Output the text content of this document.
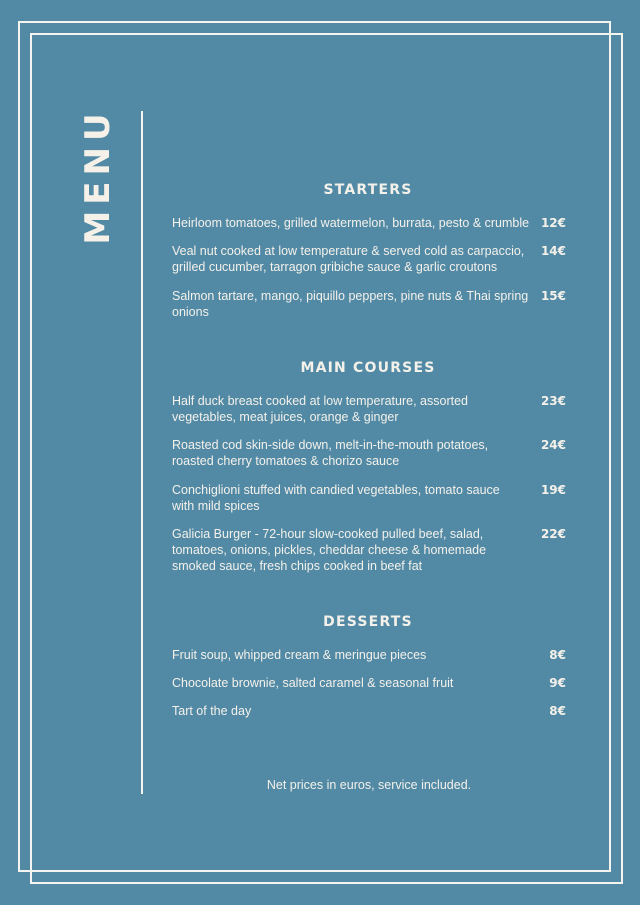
MENU	STARTERS
Heirloom tomatoes, grilled watermelon, burrata, pesto & crumble 12€
Veal nut cooked at low temperature & served cold as carpaccio,
grilled cucumber, tarragon gribiche sauce & garlic croutons
14€
Salmon tartare, mango, piquillo peppers, pine nuts & Thai spring
onions
15€
MAIN COURSES
Half duck breast cooked at low temperature, assorted
vegetables, meat juices, orange & ginger
23€
Roasted cod skin-side down, melt-in-the-mouth potatoes,
roasted cherry tomatoes & chorizo sauce
24€
Conchiglioni stuffed with candied vegetables, tomato sauce
with mild spices
19€
Galicia Burger - 72-hour slow-cooked pulled beef, salad,
tomatoes, onions, pickles, cheddar cheese & homemade
smoked sauce, fresh chips cooked in beef fat
22€
DESSERTS
Fruit soup, whipped cream & meringue pieces	8€
Chocolate brownie, salted caramel & seasonal fruit	9€
Tart of the day	8€
Net prices in euros, service included.
